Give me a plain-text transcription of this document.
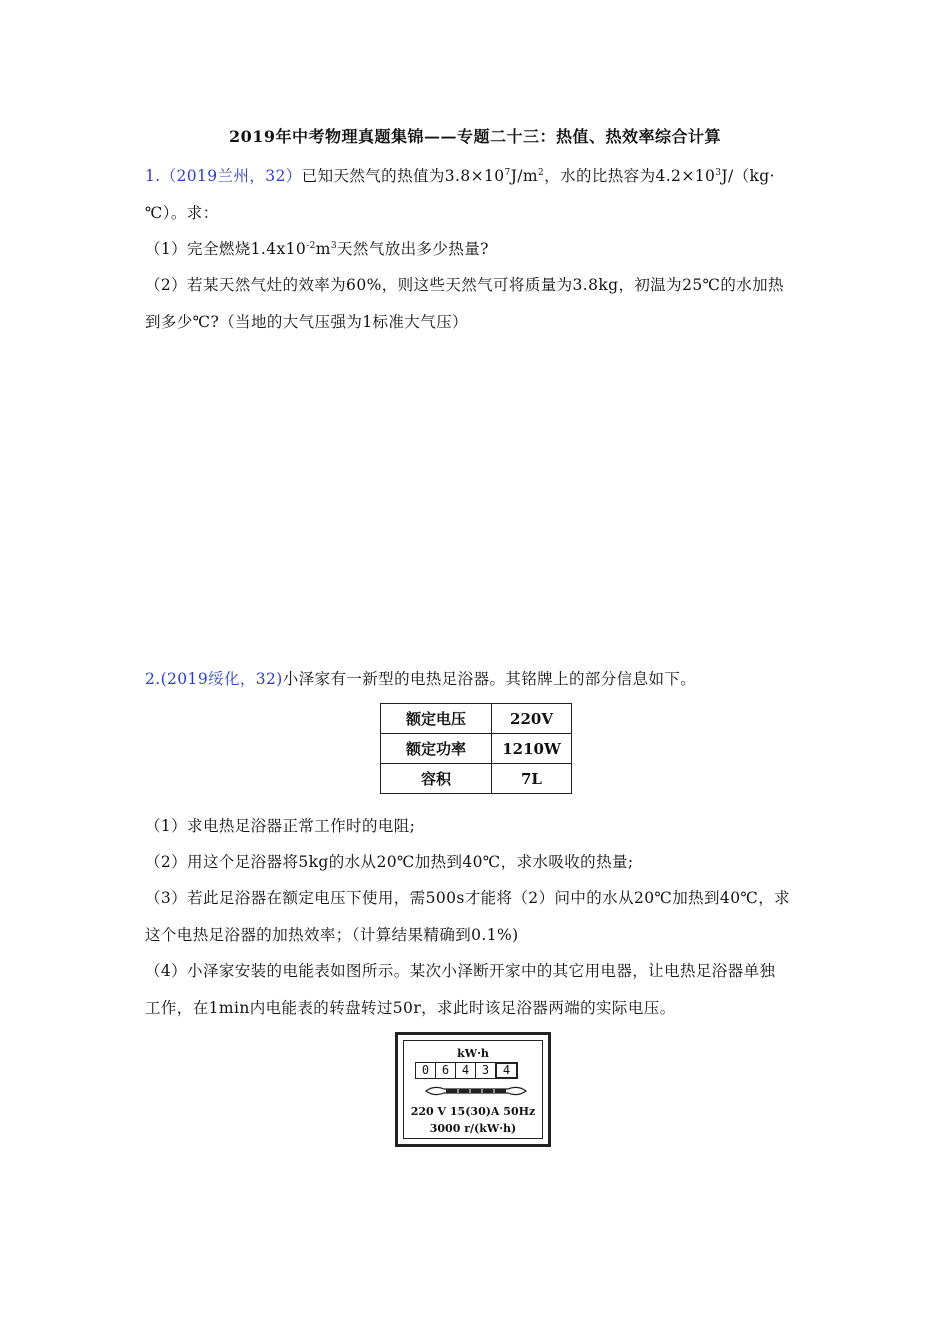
2019年中考物理真题集锦——专题二十三：热值、热效率综合计算
1.（2019兰州，32）已知天然气的热值为$3.8\times 10^7J/m^2$，水的比热容为$4.2\times 10^3J/(kg\cdot$
℃）。求：
（1）完全燃烧$1.4x10^{-2}m^3$天然气放出多少热量?
（2）若某天然气灶的效率为60%，则这些天然气可将质量为3.8kg，初温为25℃的水加热
到多少℃?（当地的大气压强为1标准大气压）
2.(2019绥化，32)小泽家有一新型的电热足浴器。其铭牌上的部分信息如下。
额定电压	220V
额定功率	1210W
容积	7L
（1）求电热足浴器正常工作时的电阻;
（2）用这个足浴器将5kg的水从20℃加热到40℃，求水吸收的热量;
（3）若此足浴器在额定电压下使用，需500s才能将（2）问中的水从20℃加热到40℃，求
这个电热足浴器的加热效率；（计算结果精确到0.1%)
（4）小泽家安装的电能表如图所示。某次小泽断开家中的其它用电器，让电热足浴器单独
工作，在1min内电能表的转盘转过50r，求此时该足浴器两端的实际电压。
kW·h
0	6	4	3	4
220 V 15(30)A 50Hz
3000 r/(kW·h)
